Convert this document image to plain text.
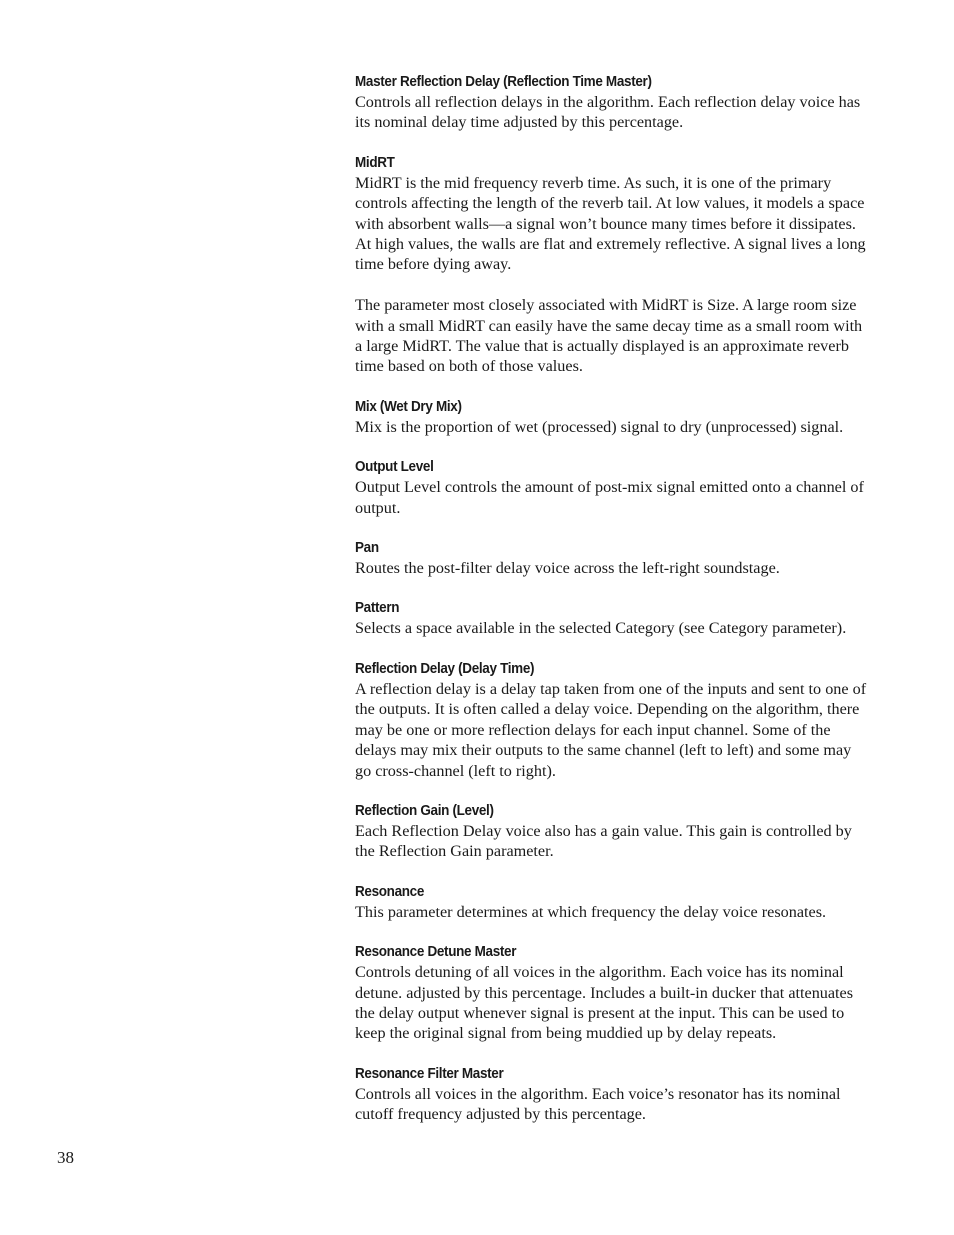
Master Reflection Delay (Reflection Time Master)

Controls all reflection delays in the algorithm. Each reflection delay voice has its nominal delay time adjusted by this percentage.

MidRT

MidRT is the mid frequency reverb time. As such, it is one of the primary controls affecting the length of the reverb tail. At low values, it models a space with absorbent walls—a signal won’t bounce many times before it dissipates. At high values, the walls are flat and extremely reflective. A signal lives a long time before dying away.

The parameter most closely associated with MidRT is Size. A large room size with a small MidRT can easily have the same decay time as a small room with a large MidRT. The value that is actually displayed is an approximate reverb time based on both of those values.

Mix (Wet Dry Mix)

Mix is the proportion of wet (processed) signal to dry (unprocessed) signal.

Output Level

Output Level controls the amount of post-mix signal emitted onto a channel of output.

Pan

Routes the post-filter delay voice across the left-right soundstage.

Pattern

Selects a space available in the selected Category (see Category parameter).

Reflection Delay (Delay Time)

A reflection delay is a delay tap taken from one of the inputs and sent to one of the outputs. It is often called a delay voice. Depending on the algorithm, there may be one or more reflection delays for each input channel. Some of the delays may mix their outputs to the same channel (left to left) and some may go cross-channel (left to right).

Reflection Gain (Level)

Each Reflection Delay voice also has a gain value. This gain is controlled by the Reflection Gain parameter.

Resonance

This parameter determines at which frequency the delay voice resonates.

Resonance Detune Master

Controls detuning of all voices in the algorithm. Each voice has its nominal detune. adjusted by this percentage. Includes a built-in ducker that attenuates the delay output whenever signal is present at the input. This can be used to keep the original signal from being muddied up by delay repeats.

Resonance Filter Master

Controls all voices in the algorithm. Each voice’s resonator has its nominal cutoff frequency adjusted by this percentage.

38
